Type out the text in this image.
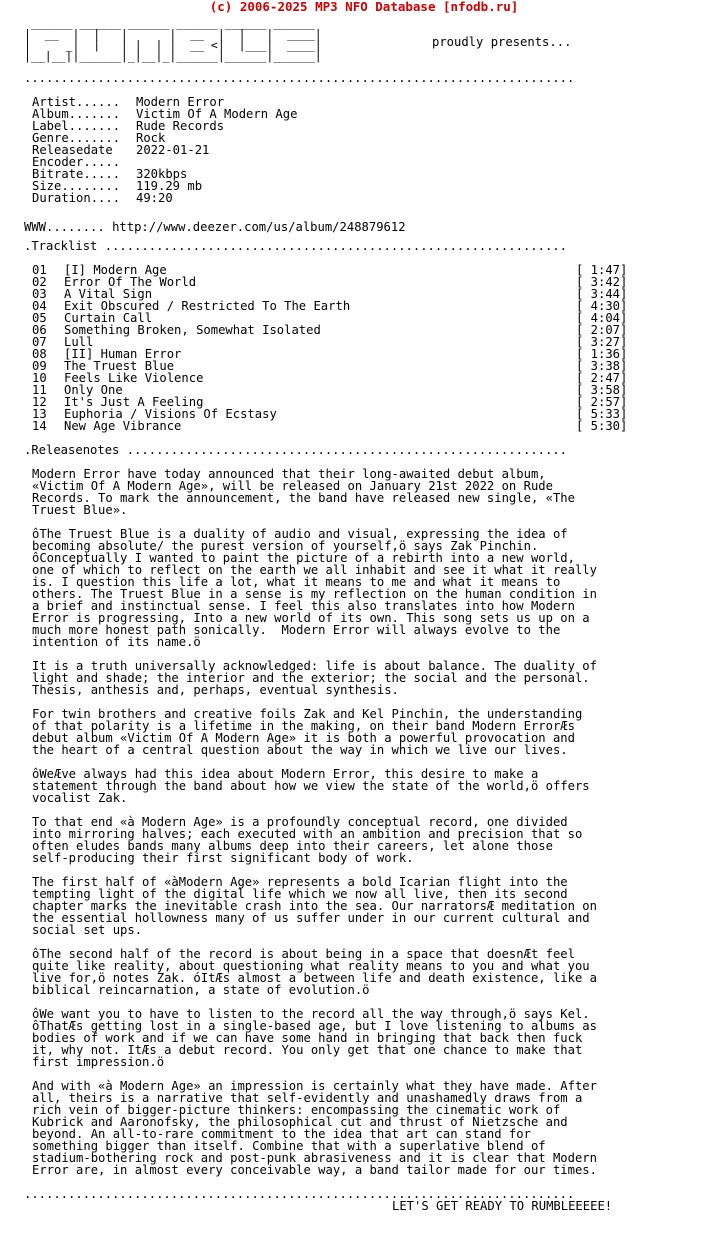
(c) 2006-2025 MP3 NFO Database [nfodb.ru]
______ ______ ______ ______ ______ ______
|  __  |  |   |      |  __  |  |   |  ____|
|     _|  |   | |  | |  __ <|  |___|  ____|
|__|__||______|_|__|_|______|______|______|
proudly presents...
...........................................................................
Artist...... Modern Error
Album....... Victim Of A Modern Age
Label....... Rude Records
Genre....... Rock
Releasedate 2022-01-21
Encoder.....
Bitrate..... 320kbps
Size........ 119.29 mb
Duration.... 49:20
WWW........ http://www.deezer.com/us/album/248879612
.Tracklist ...............................................................
01 [I] Modern Age	[ 1:47]
02 Error Of The World	[ 3:42]
03 A Vital Sign	[ 3:44]
04 Exit Obscured / Restricted To The Earth	[ 4:30]
05 Curtain Call	[ 4:04]
06 Something Broken, Somewhat Isolated	[ 2:07]
07 Lull	[ 3:27]
08 [II] Human Error	[ 1:36]
09 The Truest Blue	[ 3:38]
10 Feels Like Violence	[ 2:47]
11 Only One	[ 3:58]
12 It's Just A Feeling	[ 2:57]
13 Euphoria / Visions Of Ecstasy	[ 5:33]
14 New Age Vibrance	[ 5:30]
.Releasenotes ............................................................
Modern Error have today announced that their long-awaited debut album,
«Victim Of A Modern Age», will be released on January 21st 2022 on Rude
Records. To mark the announcement, the band have released new single, «The
Truest Blue».

ôThe Truest Blue is a duality of audio and visual, expressing the idea of
becoming absolute/ the purest version of yourself,ö says Zak Pinchin.
ôConceptually I wanted to paint the picture of a rebirth into a new world,
one of which to reflect on the earth we all inhabit and see it what it really
is. I question this life a lot, what it means to me and what it means to
others. The Truest Blue in a sense is my reflection on the human condition in
a brief and instinctual sense. I feel this also translates into how Modern
Error is progressing, Into a new world of its own. This song sets us up on a
much more honest path sonically.  Modern Error will always evolve to the
intention of its name.ö

It is a truth universally acknowledged: life is about balance. The duality of
light and shade; the interior and the exterior; the social and the personal.
Thesis, anthesis and, perhaps, eventual synthesis.

For twin brothers and creative foils Zak and Kel Pinchin, the understanding
of that polarity is a lifetime in the making, on their band Modern ErrorÆs
debut album «Victim Of A Modern Age» it is both a powerful provocation and
the heart of a central question about the way in which we live our lives.

ôWeÆve always had this idea about Modern Error, this desire to make a
statement through the band about how we view the state of the world,ö offers
vocalist Zak.

To that end «à Modern Age» is a profoundly conceptual record, one divided
into mirroring halves; each executed with an ambition and precision that so
often eludes bands many albums deep into their careers, let alone those
self-producing their first significant body of work.

The first half of «àModern Age» represents a bold Icarian flight into the
tempting light of the digital life which we now all live, then its second
chapter marks the inevitable crash into the sea. Our narratorsÆ meditation on
the essential hollowness many of us suffer under in our current cultural and
social set ups.

ôThe second half of the record is about being in a space that doesnÆt feel
quite like reality, about questioning what reality means to you and what you
live for,ö notes Zak. óItÆs almost a between life and death existence, like a
biblical reincarnation, a state of evolution.ö

ôWe want you to have to listen to the record all the way through,ö says Kel.
ôThatÆs getting lost in a single-based age, but I love listening to albums as
bodies of work and if we can have some hand in bringing that back then fuck
it, why not. ItÆs a debut record. You only get that one chance to make that
first impression.ö

And with «à Modern Age» an impression is certainly what they have made. After
all, theirs is a narrative that self-evidently and unashamedly draws from a
rich vein of bigger-picture thinkers: encompassing the cinematic work of
Kubrick and Aaronofsky, the philosophical cut and thrust of Nietzsche and
beyond. An all-to-rare commitment to the idea that art can stand for
something bigger than itself. Combine that with a superlative blend of
stadium-bothering rock and post-punk abrasiveness and it is clear that Modern
Error are, in almost every conceivable way, a band tailor made for our times.
...........................................................................
LET'S GET READY TO RUMBLEEEEE!
